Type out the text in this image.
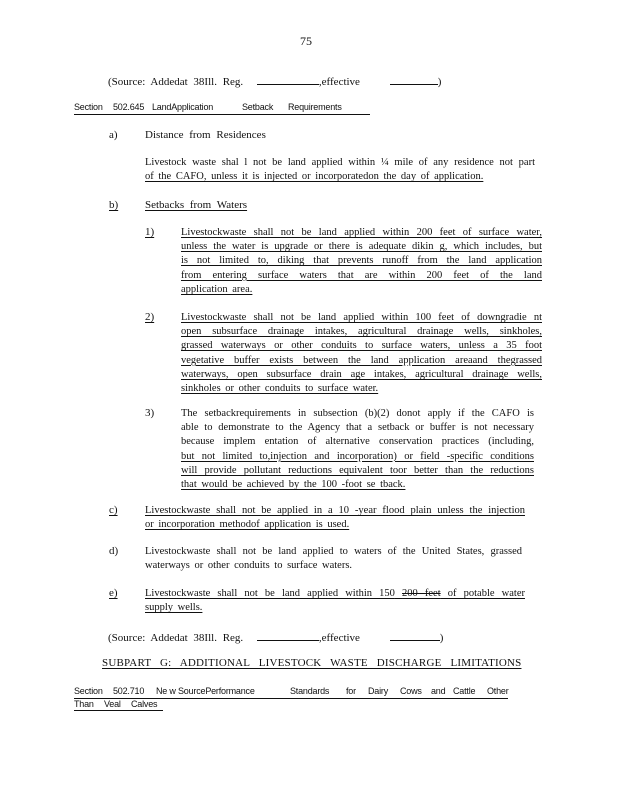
75
(Source: Addedat 38Ill. Reg.	,effective	)
Section 502.645 LandApplication	Setback Requirements
a) Distance from Residences
Livestock waste shal l not be land applied within ¼ mile of any residence not part
of the CAFO, unless it is injected or incorporatedon the day of application.
b) Setbacks from Waters
1)	Livestockwaste shall not be land applied within 200 feet of surface water,
unless the water is upgrade or there is adequate dikin g, which includes, but
is not limited to, diking that prevents runoff from the land application
from entering surface waters that are within 200 feet of the land
application area.
2)	Livestockwaste shall not be land applied within 100 feet of downgradie nt
open subsurface drainage intakes, agricultural drainage wells, sinkholes,
grassed waterways or other conduits to surface waters, unless a 35 foot
vegetative buffer exists between the land application areaand thegrassed
waterways, open subsurface drain age intakes, agricultural drainage wells,
sinkholes or other conduits to surface water.
3)	The setbackrequirements in subsection (b)(2) donot apply if the CAFO is
able to demonstrate to the Agency that a setback or buffer is not necessary
because implem entation of alternative conservation practices (including,
but not limited to,injection and incorporation) or field -specific conditions
will provide pollutant reductions equivalent toor better than the reductions
that would be achieved by the 100 -foot se tback.
c)	Livestockwaste shall not be applied in a 10 -year flood plain unless the injection
or incorporation methodof application is used.
d)	Livestockwaste shall not be land applied to waters of the United States, grassed
waterways or other conduits to surface waters.
e)	Livestockwaste shall not be land applied within 150 200 feet of potable water
supply wells.
(Source: Addedat 38Ill. Reg.	,effective	)
SUBPART G: ADDITIONAL LIVESTOCK WASTE DISCHARGE LIMITATIONS
Section 502.710 Ne w SourcePerformance	Standards for Dairy Cows and Cattle Other
Than Veal Calves
